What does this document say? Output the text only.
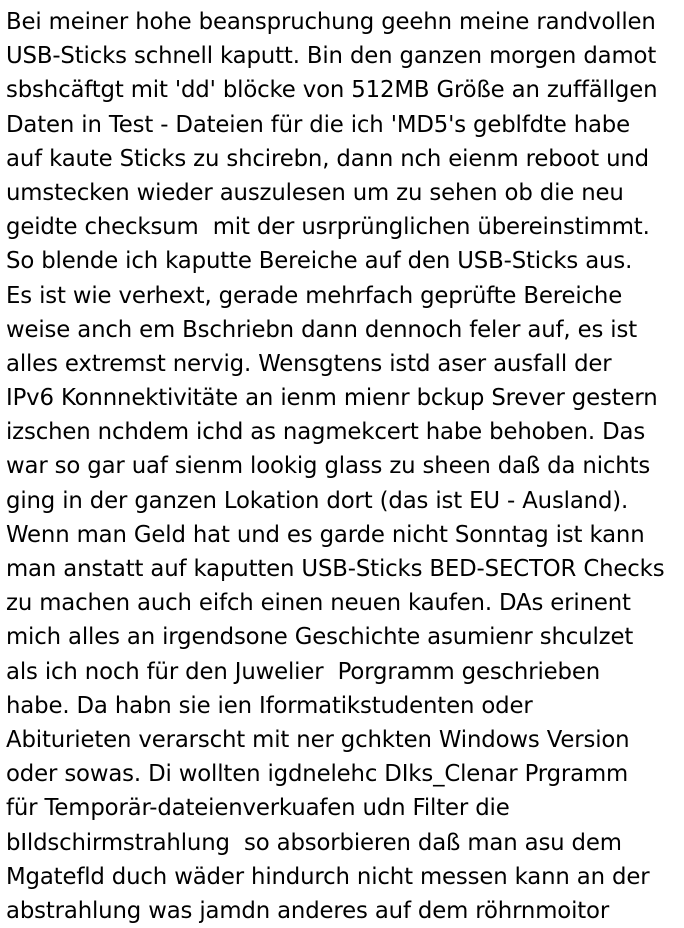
Bei meiner hohe beanspruchung geehn meine randvollen
USB-Sticks schnell kaputt. Bin den ganzen morgen damot
sbshcäftgt mit 'dd' blöcke von 512MB Größe an zuffällgen
Daten in Test - Dateien für die ich 'MD5's geblfdte habe
auf kaute Sticks zu shcirebn, dann nch eienm reboot und
umstecken wieder auszulesen um zu sehen ob die neu
geidte checksum  mit der usrprünglichen übereinstimmt.
So blende ich kaputte Bereiche auf den USB-Sticks aus.
Es ist wie verhext, gerade mehrfach geprüfte Bereiche
weise anch em Bschriebn dann dennoch feler auf, es ist
alles extremst nervig. Wensgtens istd aser ausfall der
IPv6 Konnnektivitäte an ienm mienr bckup Srever gestern
izschen nchdem ichd as nagmekcert habe behoben. Das
war so gar uaf sienm lookig glass zu sheen daß da nichts
ging in der ganzen Lokation dort (das ist EU - Ausland).
Wenn man Geld hat und es garde nicht Sonntag ist kann
man anstatt auf kaputten USB-Sticks BED-SECTOR Checks
zu machen auch eifch einen neuen kaufen. DAs erinent
mich alles an irgendsone Geschichte asumienr shculzet
als ich noch für den Juwelier  Porgramm geschrieben
habe. Da habn sie ien Iformatikstudenten oder
Abiturieten verarscht mit ner gchkten Windows Version
oder sowas. Di wollten igdnelehc DIks_Clenar Prgramm
für Temporär-dateienverkuafen udn Filter die
bIldschirmstrahlung  so absorbieren daß man asu dem
Mgatefld duch wäder hindurch nicht messen kann an der
abstrahlung was jamdn anderes auf dem röhrnmoitor
